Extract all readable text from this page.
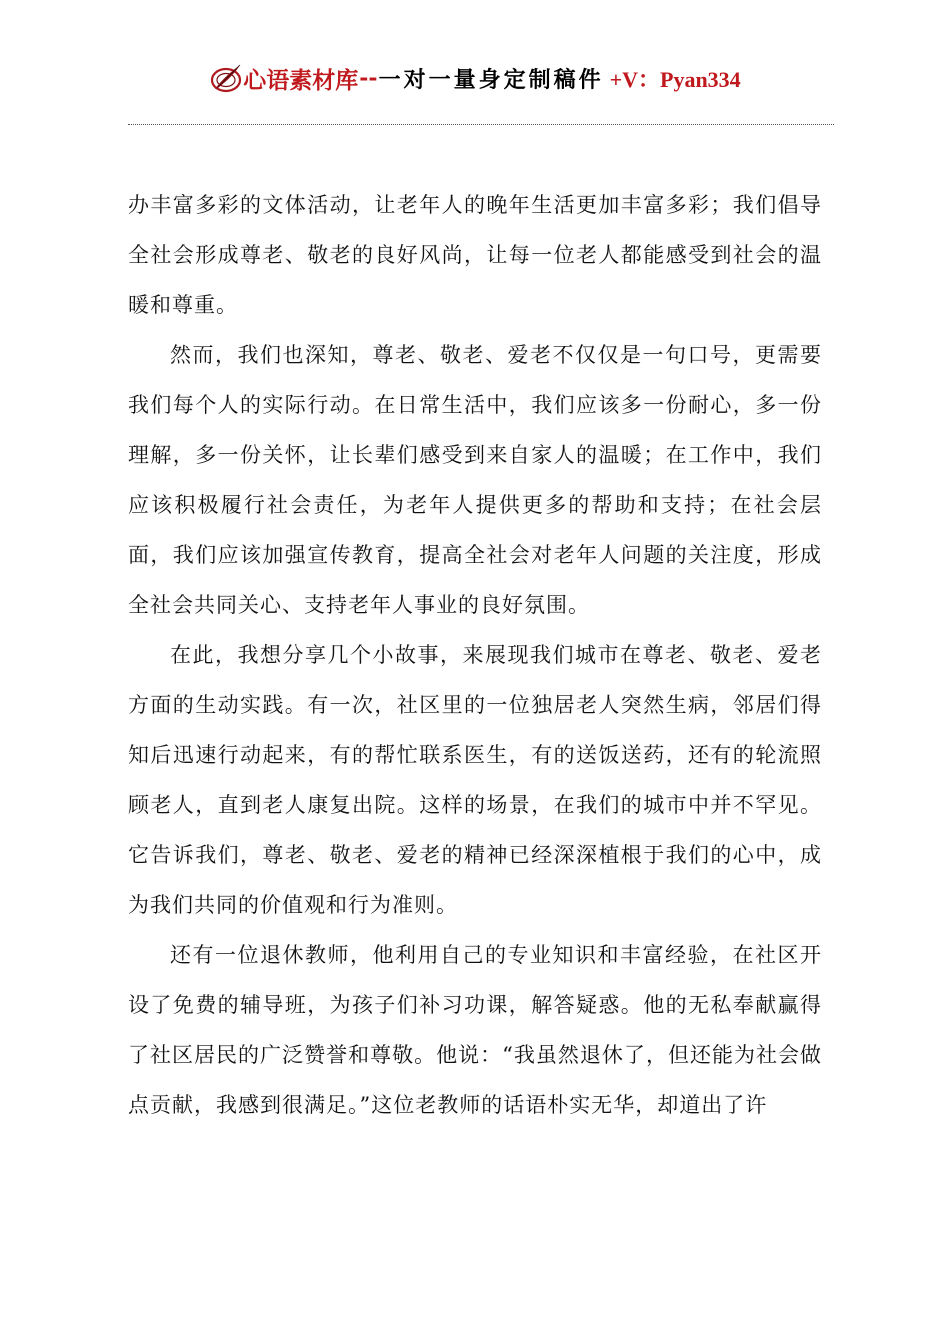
心语素材库 -- 一对一量身定制稿件 +V：Pyan334

办丰富多彩的文体活动，让老年人的晚年生活更加丰富多彩；我们倡导全社会形成尊老、敬老的良好风尚，让每一位老人都能感受到社会的温暖和尊重。

然而，我们也深知，尊老、敬老、爱老不仅仅是一句口号，更需要我们每个人的实际行动。在日常生活中，我们应该多一份耐心，多一份理解，多一份关怀，让长辈们感受到来自家人的温暖；在工作中，我们应该积极履行社会责任，为老年人提供更多的帮助和支持；在社会层面，我们应该加强宣传教育，提高全社会对老年人问题的关注度，形成全社会共同关心、支持老年人事业的良好氛围。

在此，我想分享几个小故事，来展现我们城市在尊老、敬老、爱老方面的生动实践。有一次，社区里的一位独居老人突然生病，邻居们得知后迅速行动起来，有的帮忙联系医生，有的送饭送药，还有的轮流照顾老人，直到老人康复出院。这样的场景，在我们的城市中并不罕见。它告诉我们，尊老、敬老、爱老的精神已经深深植根于我们的心中，成为我们共同的价值观和行为准则。

还有一位退休教师，他利用自己的专业知识和丰富经验，在社区开设了免费的辅导班，为孩子们补习功课，解答疑惑。他的无私奉献赢得了社区居民的广泛赞誉和尊敬。他说：“我虽然退休了，但还能为社会做点贡献，我感到很满足。”这位老教师的话语朴实无华，却道出了许
